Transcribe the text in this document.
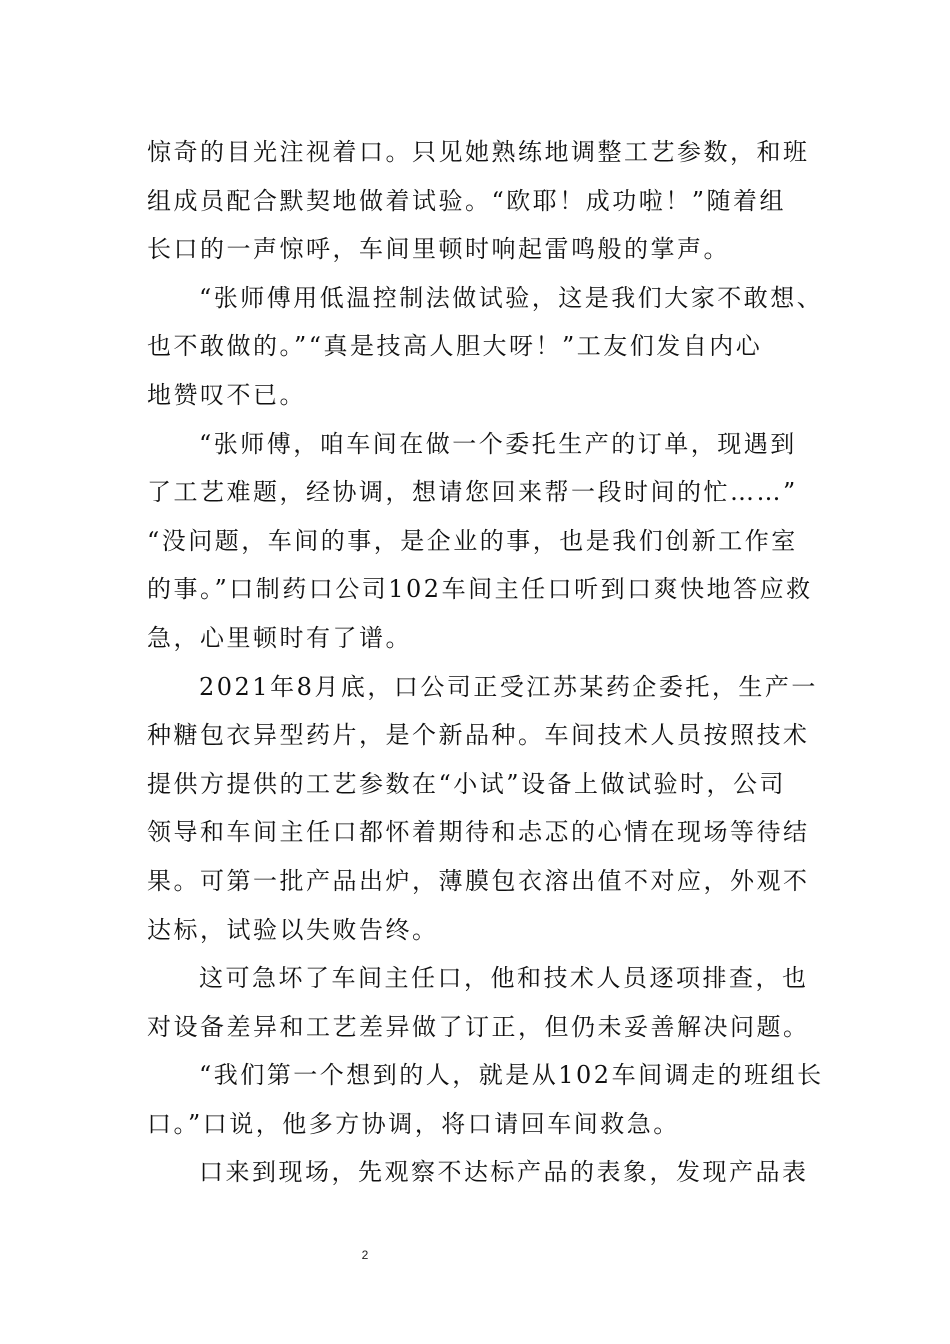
惊奇的目光注视着口。只见她熟练地调整工艺参数，和班
组成员配合默契地做着试验。“欧耶！成功啦！”随着组
长口的一声惊呼，车间里顿时响起雷鸣般的掌声。
“张师傅用低温控制法做试验，这是我们大家不敢想、
也不敢做的。”“真是技高人胆大呀！”工友们发自内心
地赞叹不已。
“张师傅，咱车间在做一个委托生产的订单，现遇到
了工艺难题，经协调，想请您回来帮一段时间的忙……”
“没问题，车间的事，是企业的事，也是我们创新工作室
的事。”口制药口公司102车间主任口听到口爽快地答应救
急，心里顿时有了谱。
2021年8月底，口公司正受江苏某药企委托，生产一
种糖包衣异型药片，是个新品种。车间技术人员按照技术
提供方提供的工艺参数在“小试”设备上做试验时，公司
领导和车间主任口都怀着期待和忐忑的心情在现场等待结
果。可第一批产品出炉，薄膜包衣溶出值不对应，外观不
达标，试验以失败告终。
这可急坏了车间主任口，他和技术人员逐项排查，也
对设备差异和工艺差异做了订正，但仍未妥善解决问题。
“我们第一个想到的人，就是从102车间调走的班组长
口。”口说，他多方协调，将口请回车间救急。
口来到现场，先观察不达标产品的表象，发现产品表
2
